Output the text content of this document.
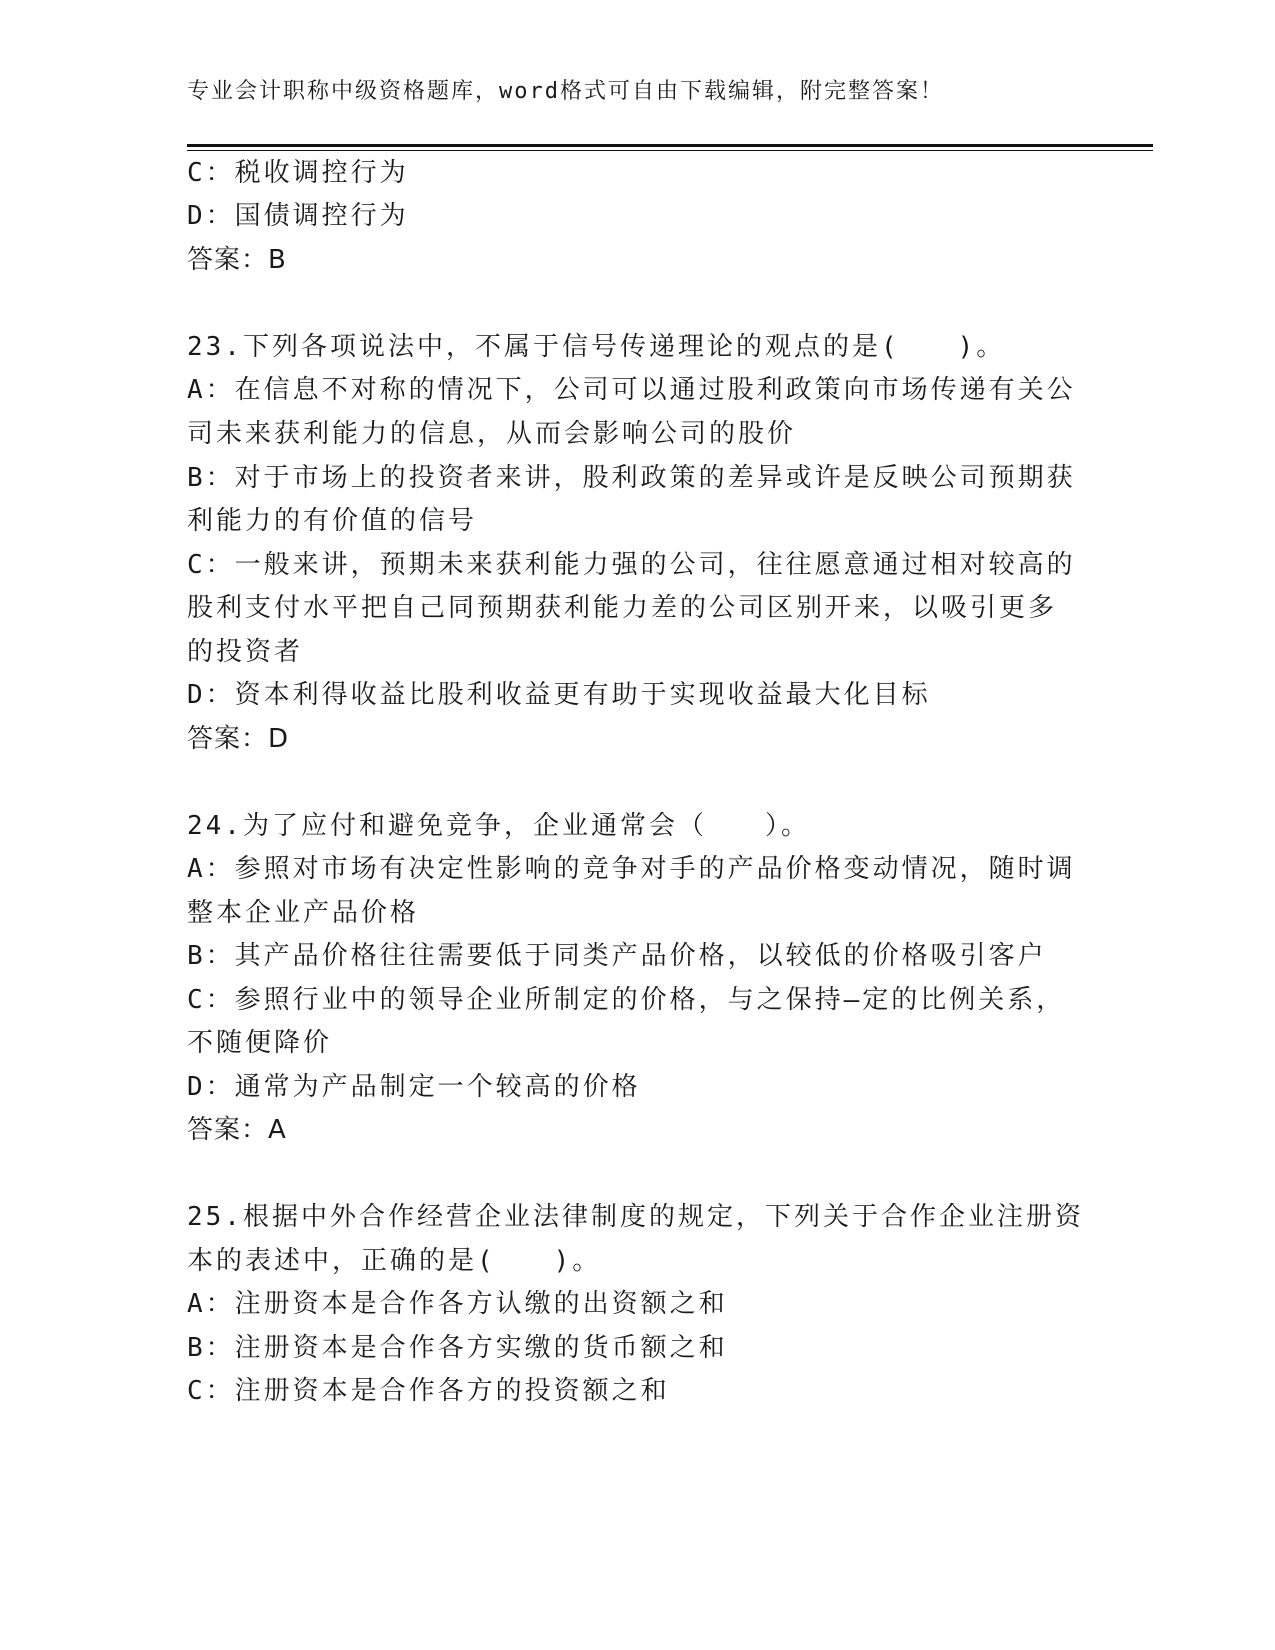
专业会计职称中级资格题库，word格式可自由下载编辑，附完整答案！
C：税收调控行为
D：国债调控行为
答案：B
23.下列各项说法中，不属于信号传递理论的观点的是(　　)。
A：在信息不对称的情况下，公司可以通过股利政策向市场传递有关公
司未来获利能力的信息，从而会影响公司的股价
B：对于市场上的投资者来讲，股利政策的差异或许是反映公司预期获
利能力的有价值的信号
C：一般来讲，预期未来获利能力强的公司，往往愿意通过相对较高的
股利支付水平把自己同预期获利能力差的公司区别开来，以吸引更多
的投资者
D：资本利得收益比股利收益更有助于实现收益最大化目标
答案：D
24.为了应付和避免竞争，企业通常会（　　）。
A：参照对市场有决定性影响的竞争对手的产品价格变动情况，随时调
整本企业产品价格
B：其产品价格往往需要低于同类产品价格，以较低的价格吸引客户
C：参照行业中的领导企业所制定的价格，与之保持—定的比例关系，
不随便降价
D：通常为产品制定一个较高的价格
答案：A
25.根据中外合作经营企业法律制度的规定，下列关于合作企业注册资
本的表述中，正确的是(　　)。
A：注册资本是合作各方认缴的出资额之和
B：注册资本是合作各方实缴的货币额之和
C：注册资本是合作各方的投资额之和
